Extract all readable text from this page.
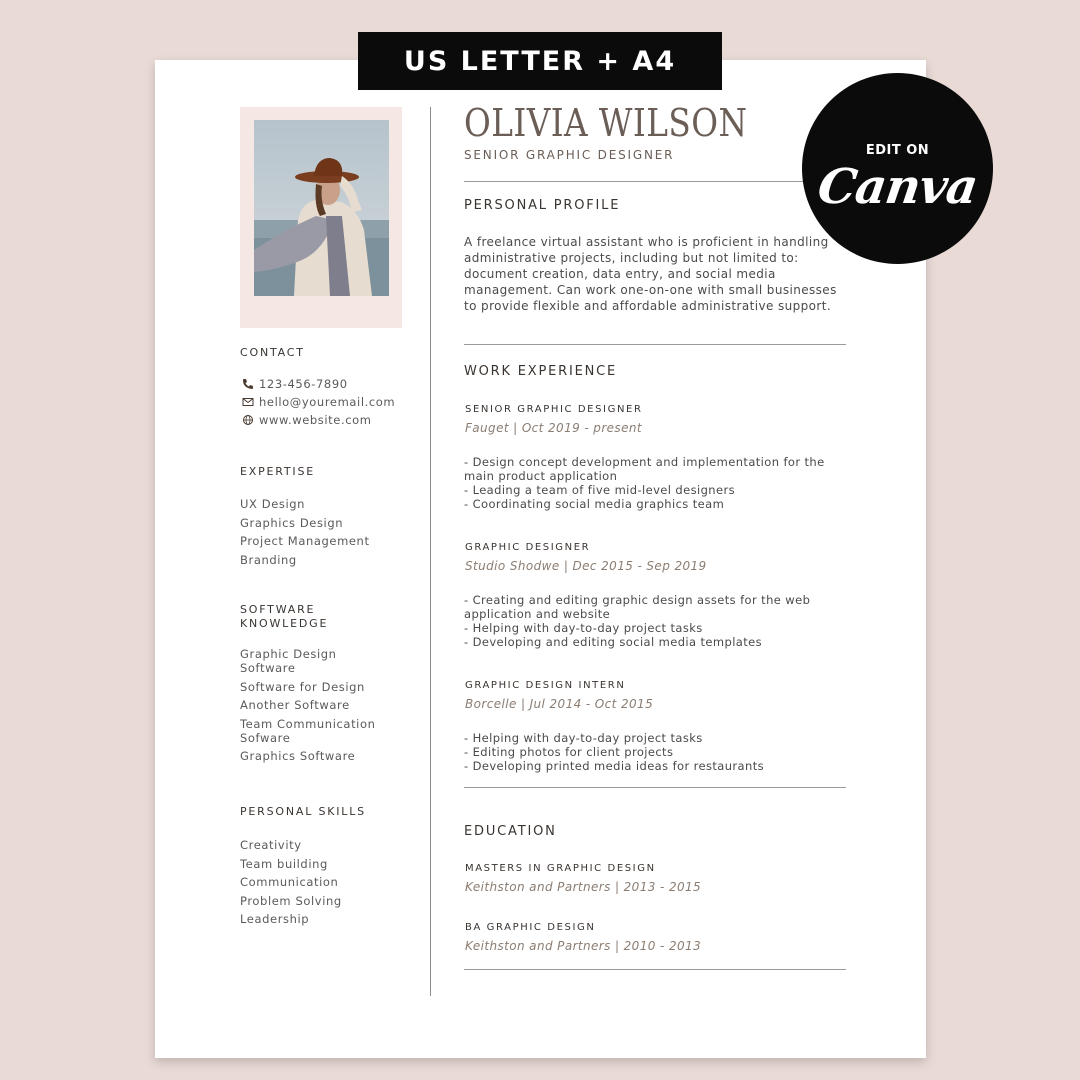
US LETTER + A4
EDIT ON
Canva
CONTACT
123-456-7890
hello@youremail.com
www.website.com
EXPERTISE
UX Design
Graphics Design
Project Management
Branding
SOFTWARE KNOWLEDGE
Graphic Design Software
Software for Design
Another Software
Team Communication Sofware
Graphics Software
PERSONAL SKILLS
Creativity
Team building
Communication
Problem Solving
Leadership
OLIVIA WILSON
SENIOR GRAPHIC DESIGNER
PERSONAL PROFILE
A freelance virtual assistant who is proficient in handling administrative projects, including but not limited to: document creation, data entry, and social media management. Can work one-on-one with small businesses to provide flexible and affordable administrative support.
WORK EXPERIENCE
SENIOR GRAPHIC DESIGNER
Fauget | Oct 2019 - present
- Design concept development and implementation for the main product application
- Leading a team of five mid-level designers
- Coordinating social media graphics team
GRAPHIC DESIGNER
Studio Shodwe | Dec 2015 - Sep 2019
- Creating and editing graphic design assets for the web application and website
- Helping with day-to-day project tasks
- Developing and editing social media templates
GRAPHIC DESIGN INTERN
Borcelle | Jul 2014 - Oct 2015
- Helping with day-to-day project tasks
- Editing photos for client projects
- Developing printed media ideas for restaurants
EDUCATION
MASTERS IN GRAPHIC DESIGN
Keithston and Partners | 2013 - 2015
BA GRAPHIC DESIGN
Keithston and Partners | 2010 - 2013
